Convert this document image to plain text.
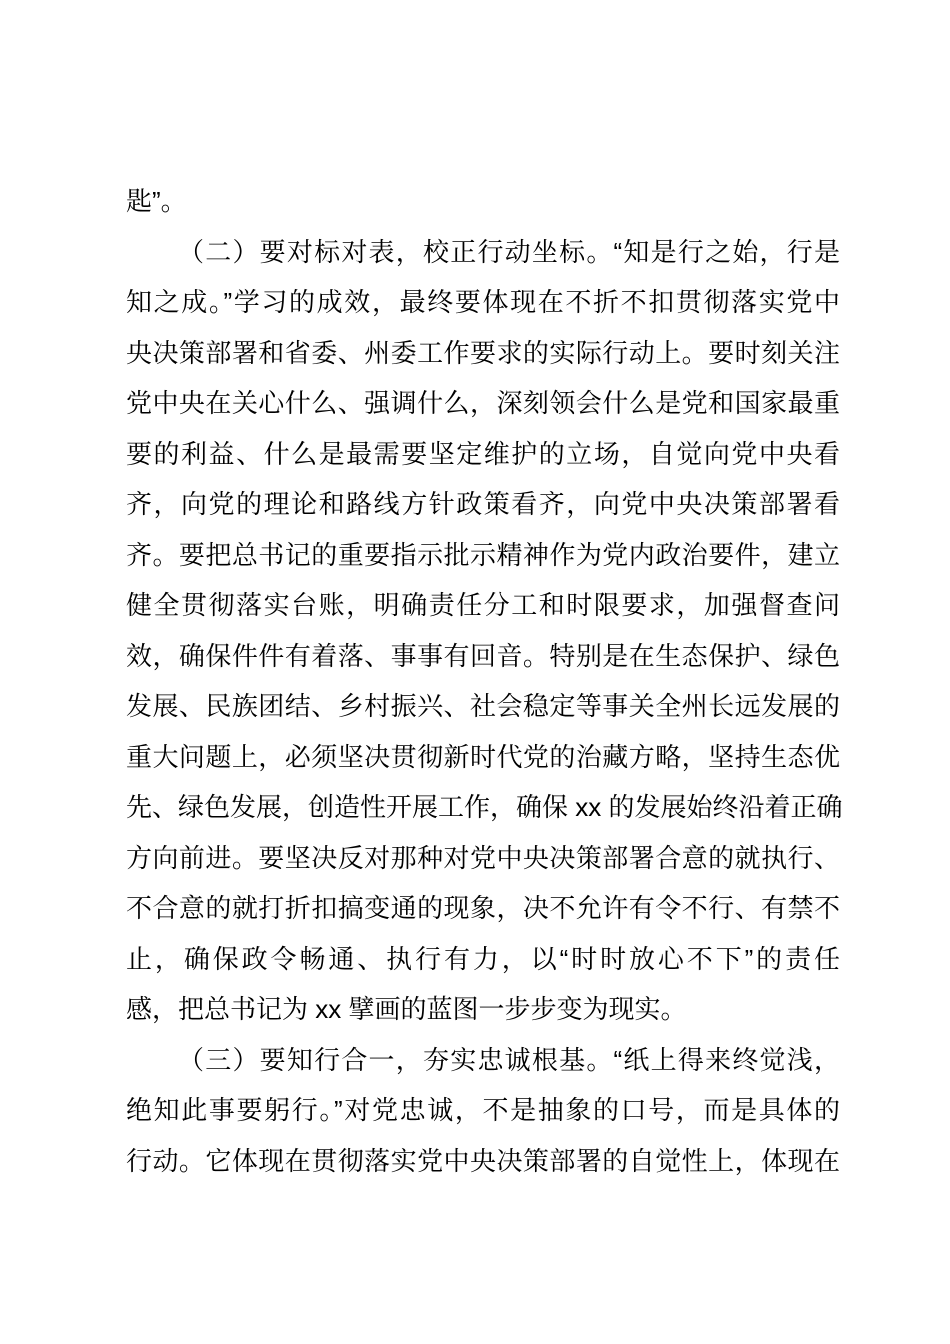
匙”。
（二）要对标对表，校正行动坐标。“知是行之始，行是
知之成。”学习的成效，最终要体现在不折不扣贯彻落实党中
央决策部署和省委、州委工作要求的实际行动上。要时刻关注
党中央在关心什么、强调什么，深刻领会什么是党和国家最重
要的利益、什么是最需要坚定维护的立场，自觉向党中央看
齐，向党的理论和路线方针政策看齐，向党中央决策部署看
齐。要把总书记的重要指示批示精神作为党内政治要件，建立
健全贯彻落实台账，明确责任分工和时限要求，加强督查问
效，确保件件有着落、事事有回音。特别是在生态保护、绿色
发展、民族团结、乡村振兴、社会稳定等事关全州长远发展的
重大问题上，必须坚决贯彻新时代党的治藏方略，坚持生态优
先、绿色发展，创造性开展工作，确保 xx 的发展始终沿着正确
方向前进。要坚决反对那种对党中央决策部署合意的就执行、
不合意的就打折扣搞变通的现象，决不允许有令不行、有禁不
止，确保政令畅通、执行有力，以“时时放心不下”的责任
感，把总书记为 xx 擘画的蓝图一步步变为现实。
（三）要知行合一，夯实忠诚根基。“纸上得来终觉浅，
绝知此事要躬行。”对党忠诚，不是抽象的口号，而是具体的
行动。它体现在贯彻落实党中央决策部署的自觉性上，体现在
